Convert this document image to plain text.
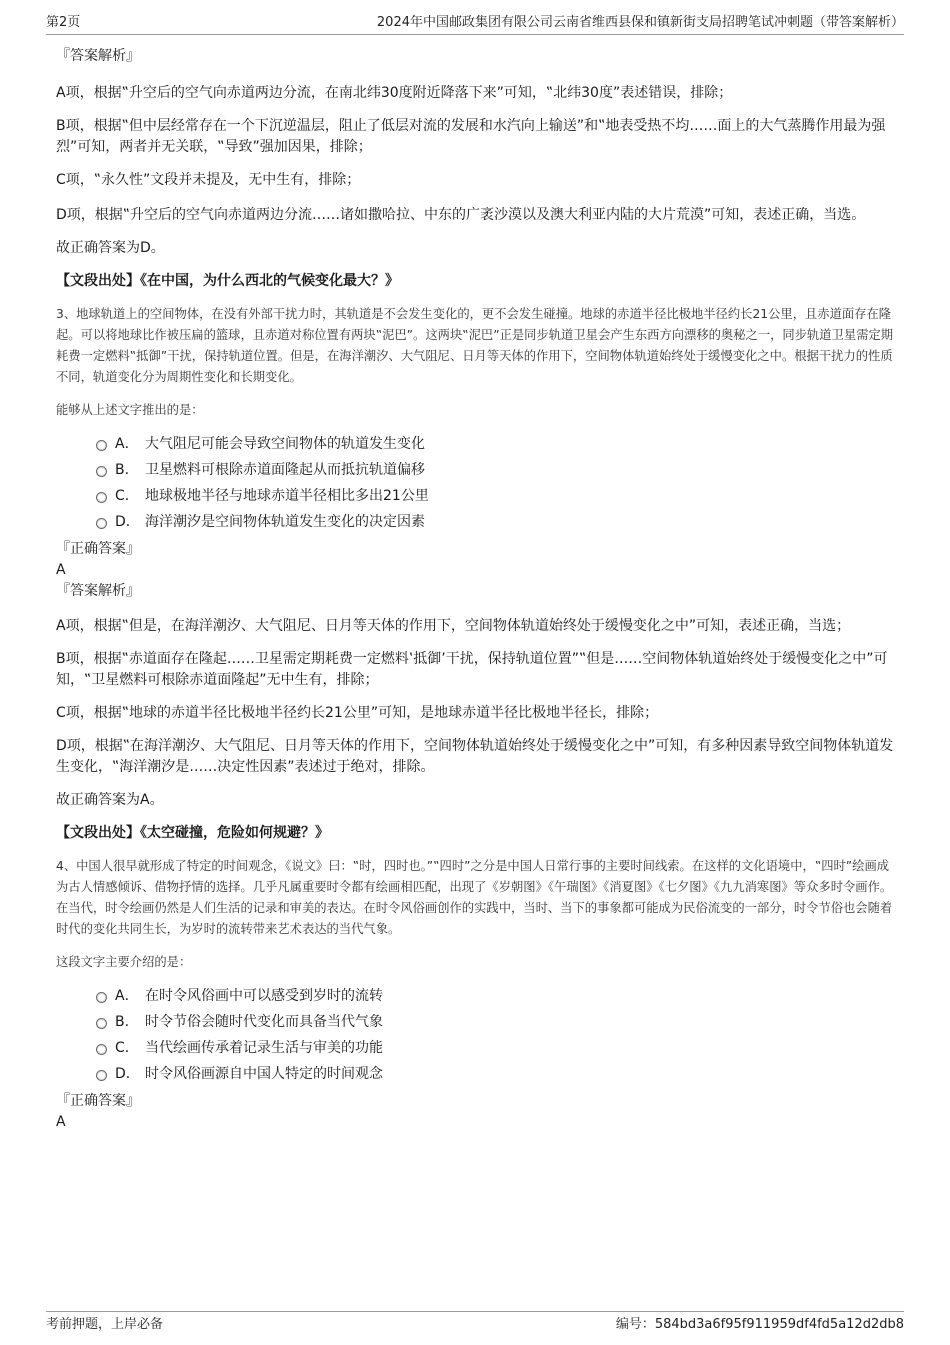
第2页	2024年中国邮政集团有限公司云南省维西县保和镇新街支局招聘笔试冲刺题（带答案解析）

『答案解析』

A项，根据‟升空后的空气向赤道两边分流，在南北纬30度附近降落下来”可知，‟北纬30度”表述错误，排除；

B项，根据‟但中层经常存在一个下沉逆温层，阻止了低层对流的发展和水汽向上输送”和‟地表受热不均……面上的大气蒸腾作用最为强烈”可知，两者并无关联，‟导致”强加因果，排除；

C项，‟永久性”文段并未提及，无中生有，排除；

D项，根据‟升空后的空气向赤道两边分流……诸如撒哈拉、中东的广袤沙漠以及澳大利亚内陆的大片荒漠”可知，表述正确，当选。

故正确答案为D。

【文段出处】《在中国，为什么西北的气候变化最大？》

3、地球轨道上的空间物体，在没有外部干扰力时，其轨道是不会发生变化的，更不会发生碰撞。地球的赤道半径比极地半径约长21公里，且赤道面存在隆起。可以将地球比作被压扁的篮球，且赤道对称位置有两块‟泥巴”。这两块‟泥巴”正是同步轨道卫星会产生东西方向漂移的奥秘之一，同步轨道卫星需定期耗费一定燃料‟抵御”干扰，保持轨道位置。但是，在海洋潮汐、大气阻尼、日月等天体的作用下，空间物体轨道始终处于缓慢变化之中。根据干扰力的性质不同，轨道变化分为周期性变化和长期变化。

能够从上述文字推出的是：

A． 大气阻尼可能会导致空间物体的轨道发生变化
B． 卫星燃料可根除赤道面隆起从而抵抗轨道偏移
C． 地球极地半径与地球赤道半径相比多出21公里
D． 海洋潮汐是空间物体轨道发生变化的决定因素

『正确答案』

A

『答案解析』

A项，根据‟但是，在海洋潮汐、大气阻尼、日月等天体的作用下，空间物体轨道始终处于缓慢变化之中”可知，表述正确，当选；

B项，根据‟赤道面存在隆起……卫星需定期耗费一定燃料‛抵御’干扰，保持轨道位置”‟但是……空间物体轨道始终处于缓慢变化之中”可知，‟卫星燃料可根除赤道面隆起”无中生有，排除；

C项，根据‟地球的赤道半径比极地半径约长21公里”可知，是地球赤道半径比极地半径长，排除；

D项，根据‟在海洋潮汐、大气阻尼、日月等天体的作用下，空间物体轨道始终处于缓慢变化之中”可知，有多种因素导致空间物体轨道发生变化，‟海洋潮汐是……决定性因素”表述过于绝对，排除。

故正确答案为A。

【文段出处】《太空碰撞，危险如何规避？》

4、中国人很早就形成了特定的时间观念，《说文》曰：‟时，四时也。”‟四时”之分是中国人日常行事的主要时间线索。在这样的文化语境中，‟四时”绘画成为古人情感倾诉、借物抒情的选择。几乎凡属重要时令都有绘画相匹配，出现了《岁朝图》《午瑞图》《消夏图》《七夕图》《九九消寒图》等众多时令画作。在当代，时令绘画仍然是人们生活的记录和审美的表达。在时令风俗画创作的实践中，当时、当下的事象都可能成为民俗流变的一部分，时令节俗也会随着时代的变化共同生长，为岁时的流转带来艺术表达的当代气象。

这段文字主要介绍的是：

A． 在时令风俗画中可以感受到岁时的流转
B． 时令节俗会随时代变化而具备当代气象
C． 当代绘画传承着记录生活与审美的功能
D． 时令风俗画源自中国人特定的时间观念

『正确答案』

A

考前押题，上岸必备	编号：584bd3a6f95f911959df4fd5a12d2db8
